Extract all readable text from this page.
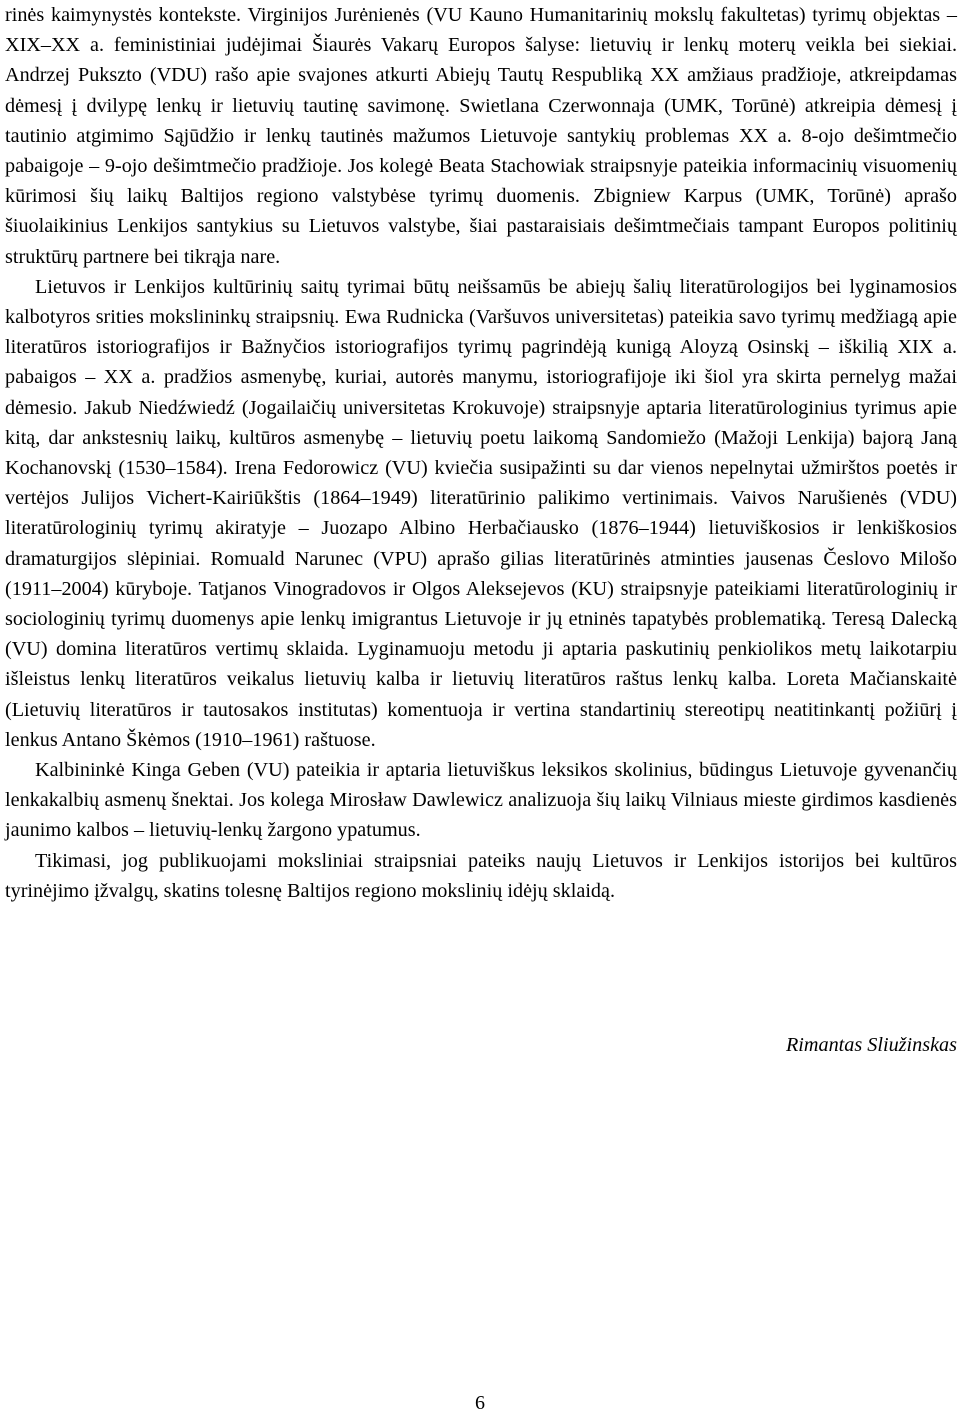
rinės kaimynystės kontekste. Virginijos Jurėnienės (VU Kauno Humanitarinių mokslų fakultetas) tyrimų objektas – XIX–XX a. feministiniai judėjimai Šiaurės Vakarų Europos šalyse: lietuvių ir lenkų moterų veikla bei siekiai. Andrzej Pukszto (VDU) rašo apie svajones atkurti Abiejų Tautų Respubliką XX amžiaus pradžioje, atkreipdamas dėmesį į dvilypę lenkų ir lietuvių tautinę savimonę. Swietlana Czerwonnaja (UMK, Torūnė) atkreipia dėmesį į tautinio atgimimo Sąjūdžio ir lenkų tautinės mažumos Lietuvoje santykių problemas XX a. 8-ojo dešimtmečio pabaigoje – 9-ojo dešimtmečio pradžioje. Jos kolegė Beata Stachowiak straipsnyje pateikia informacinių visuomenių kūrimosi šių laikų Baltijos regiono valstybėse tyrimų duomenis. Zbigniew Karpus (UMK, Torūnė) aprašo šiuolaikinius Lenkijos santykius su Lietuvos valstybe, šiai pastaraisiais dešimtmečiais tampant Europos politinių struktūrų partnere bei tikrąja nare.

Lietuvos ir Lenkijos kultūrinių saitų tyrimai būtų neišsamūs be abiejų šalių literatūrologijos bei lyginamosios kalbotyros srities mokslininkų straipsnių. Ewa Rudnicka (Varšuvos universitetas) pateikia savo tyrimų medžiagą apie literatūros istoriografijos ir Bažnyčios istoriografijos tyrimų pagrindėją kunigą Aloyzą Osinskį – iškilią XIX a. pabaigos – XX a. pradžios asmenybę, kuriai, autorės manymu, istoriografijoje iki šiol yra skirta pernelyg mažai dėmesio. Jakub Niedźwiedź (Jogailaičių universitetas Krokuvoje) straipsnyje aptaria literatūrologinius tyrimus apie kitą, dar ankstesnių laikų, kultūros asmenybę – lietuvių poetu laikomą Sandomiežo (Mažoji Lenkija) bajorą Janą Kochanovskį (1530–1584). Irena Fedorowicz (VU) kviečia susipažinti su dar vienos nepelnytai užmirštos poetės ir vertėjos Julijos Vichert-Kairiūkštis (1864–1949) literatūrinio palikimo vertinimais. Vaivos Narušienės (VDU) literatūrologinių tyrimų akiratyje – Juozapo Albino Herbačiausko (1876–1944) lietuviškosios ir lenkiškosios dramaturgijos slėpiniai. Romuald Narunec (VPU) aprašo gilias literatūrinės atminties jausenas Česlovo Milošo (1911–2004) kūryboje. Tatjanos Vinogradovos ir Olgos Aleksejevos (KU) straipsnyje pateikiami literatūrologinių ir sociologinių tyrimų duomenys apie lenkų imigrantus Lietuvoje ir jų etninės tapatybės problematiką. Teresą Dalecką (VU) domina literatūros vertimų sklaida. Lyginamuoju metodu ji aptaria paskutinių penkiolikos metų laikotarpiu išleistus lenkų literatūros veikalus lietuvių kalba ir lietuvių literatūros raštus lenkų kalba. Loreta Mačianskaitė (Lietuvių literatūros ir tautosakos institutas) komentuoja ir vertina standartinių stereotipų neatitinkantį požiūrį į lenkus Antano Škėmos (1910–1961) raštuose.

Kalbininkė Kinga Geben (VU) pateikia ir aptaria lietuviškus leksikos skolinius, būdingus Lietuvoje gyvenančių lenkakalbių asmenų šnektai. Jos kolega Mirosław Dawlewicz analizuoja šių laikų Vilniaus mieste girdimos kasdienės jaunimo kalbos – lietuvių-lenkų žargono ypatumus.

Tikimasi, jog publikuojami moksliniai straipsniai pateiks naujų Lietuvos ir Lenkijos istorijos bei kultūros tyrinėjimo įžvalgų, skatins tolesnę Baltijos regiono mokslinių idėjų sklaidą.

Rimantas Sliužinskas
6
